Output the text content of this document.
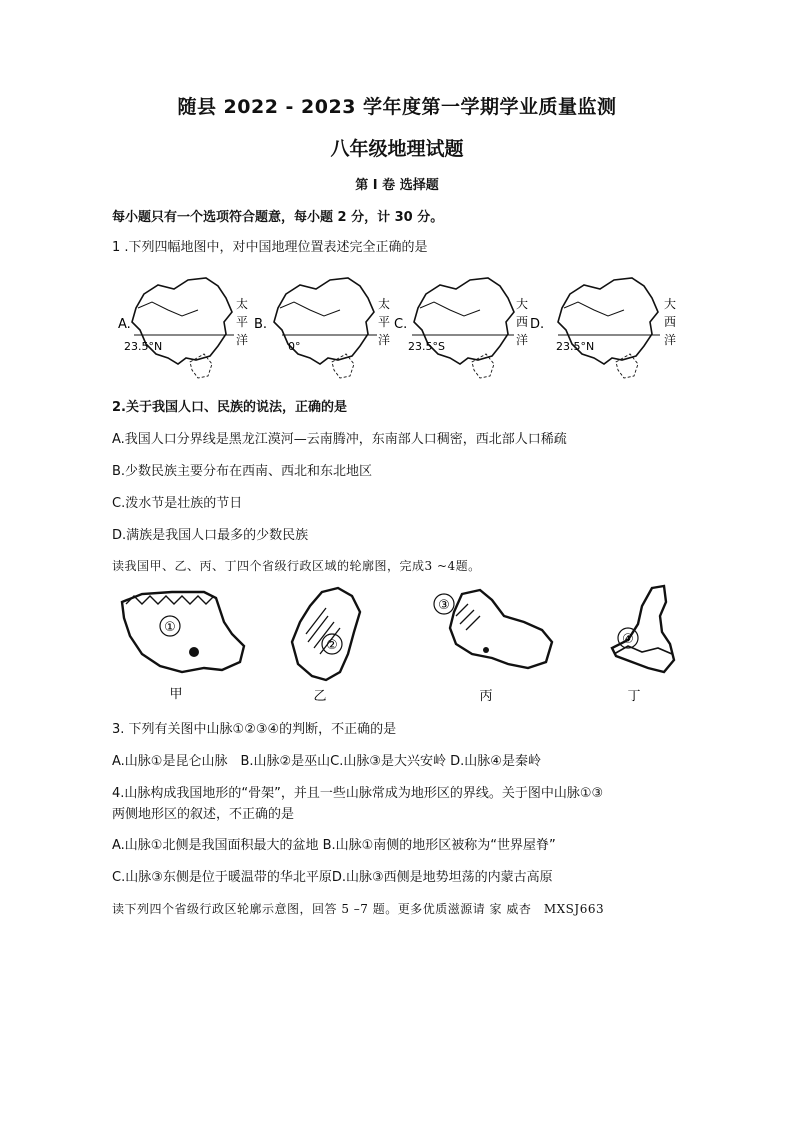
随县 2022 - 2023 学年度第一学期学业质量监测
八年级地理试题
第 I 卷 选择题
每小题只有一个选项符合题意，每小题 2 分，计 30 分。
1 .下列四幅地图中，对中国地理位置表述完全正确的是
A.
23.5°N
太
平
洋
B.
0°
太
平
洋
C.
23.5°S
大
西
洋
D.
23.5°N
大
西
洋
2.关于我国人口、民族的说法，正确的是
A.我国人口分界线是黑龙江漠河—云南腾冲，东南部人口稠密，西北部人口稀疏
B.少数民族主要分布在西南、西北和东北地区
C.泼水节是壮族的节日
D.满族是我国人口最多的少数民族
读我国甲、乙、丙、丁四个省级行政区域的轮廓图，完成3 ~4题。
①
甲
②
乙
③
丙
④
丁
3. 下列有关图中山脉①②③④的判断，不正确的是
A.山脉①是昆仑山脉　B.山脉②是巫山C.山脉③是大兴安岭 D.山脉④是秦岭
4.山脉构成我国地形的“骨架”，并且一些山脉常成为地形区的界线。关于图中山脉①③
两侧地形区的叙述，不正确的是
A.山脉①北侧是我国面积最大的盆地 B.山脉①南侧的地形区被称为“世界屋脊”
C.山脉③东侧是位于暖温带的华北平原D.山脉③西侧是地势坦荡的内蒙古高原
读下列四个省级行政区轮廓示意图，回答 5 –7 题。更多优质滋源请 家 威杏　MXSJ663
